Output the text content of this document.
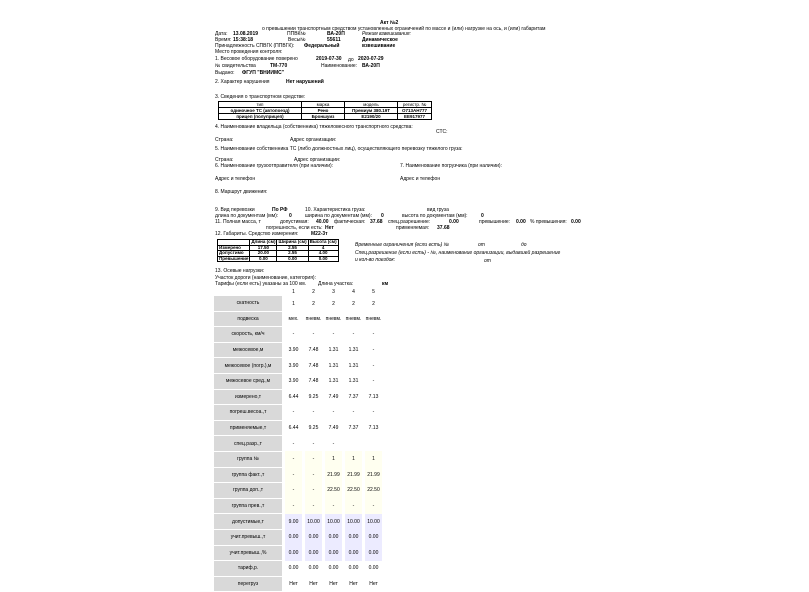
Акт №2
о превышении транспортным средством установленных ограничений по массе и (или) нагрузке на ось, и (или) габаритам
Дата: 13.08.2019
Время: 15:38:18
ППВК№	ВА-20П
Весы№	55611
Режим взвешивания:
Динамическое взвешивание
Принадлежность СПВГК (ППВГК): Федеральный
Место проведения контроля:
1. Весовое оборудование поверено	2019-07-30 до 2020-07-29
№ свидетельства	ТМ-770	Наименование: ВА-20П
Выдано: ФГУП "ВНИИМС"
2. Характер нарушения	Нет нарушений
3. Сведения о транспортном средстве:
тип	марка	модель	регистр. №
одиночное ТС (автопоезд)	Рено	Премиум 380.19Т	О713АН777
прицеп (полуприцеп)	Броншуиз	Е2190/20	ЕЕ917977
4. Наименование владельца (собственника) тяжеловесного транспортного средства:
СТС:
Страна:	Адрес организации:
5. Наименование собственника ТС (либо должностных лиц), осуществляющего перевозку тяжелого груза:
Страна:	Адрес организации:
6. Наименование грузоотправителя (при наличии):	7. Наименование погрузчика (при наличии):
Адрес и телефон	Адрес и телефон
8. Маршрут движения:
9. Вид перевозки	По РФ	10. Характеристика груза:	вид груза
длина по документам (мм): 0	ширина по документам (мм): 0	высота по документам (мм):	0
11. Полная масса, т	допустимая: 40.00 фактическая: 37.68 спец.разрешение:	0.00	превышение: 0.00 % превышения: 0.00
погрешность, если есть: Нет	применяемая: 37.68
12. Габариты. Средство измерения:	М22-3т
	Длина (см)	Ширина (см)	Высота (см)
Измерено	17.50	2.55	4
Допустимо	20.00	2.55	4.00
Превышение	0.00	0.00	0.00
Временные ограничения (если есть) №	от	до
Спец.разрешение (если есть) - №, наименование организации, выдавшей разрешение
и кол-во поездок:	от
13. Осевые нагрузки:
Участок дороги (наименование, категория):
Тарифы (если есть) указаны за 100 км. Длина участка:	км
		1		2		3		4		5
скатность		1		2		2		2		2
подвеска		мех.		пневм.		пневм.		пневм.		пневм.
скорость, км/ч		-		-		-		-		-
межосевое,м		3.90		7.48		1.31		1.31		-
межосевое (погр.),м		3.90		7.48		1.31		1.31		-
межосевое сред.,м		3.90		7.48		1.31		1.31		-
измерено,т		6.44		9.25		7.49		7.37		7.13
погреш.весоа.,т		-		-		-		-		-
применяемые,т		6.44		9.25		7.49		7.37		7.13
спец.разр.,т		-		-		-				
группа №		-		-		1		1		1
группа факт.,т		-		-		21.99		21.99		21.99
группа доп.,т		-		-		22.50		22.50		22.50
группа прев.,т		-		-		-		-		-
допустимые,т		9.00		10.00		10.00		10.00		10.00
учит.превыш.,т		0.00		0.00		0.00		0.00		0.00
учит.превыш.,%		0.00		0.00		0.00		0.00		0.00
тариф,р.		0.00		0.00		0.00		0.00		0.00
перегруз		Нет		Нет		Нет		Нет		Нет
